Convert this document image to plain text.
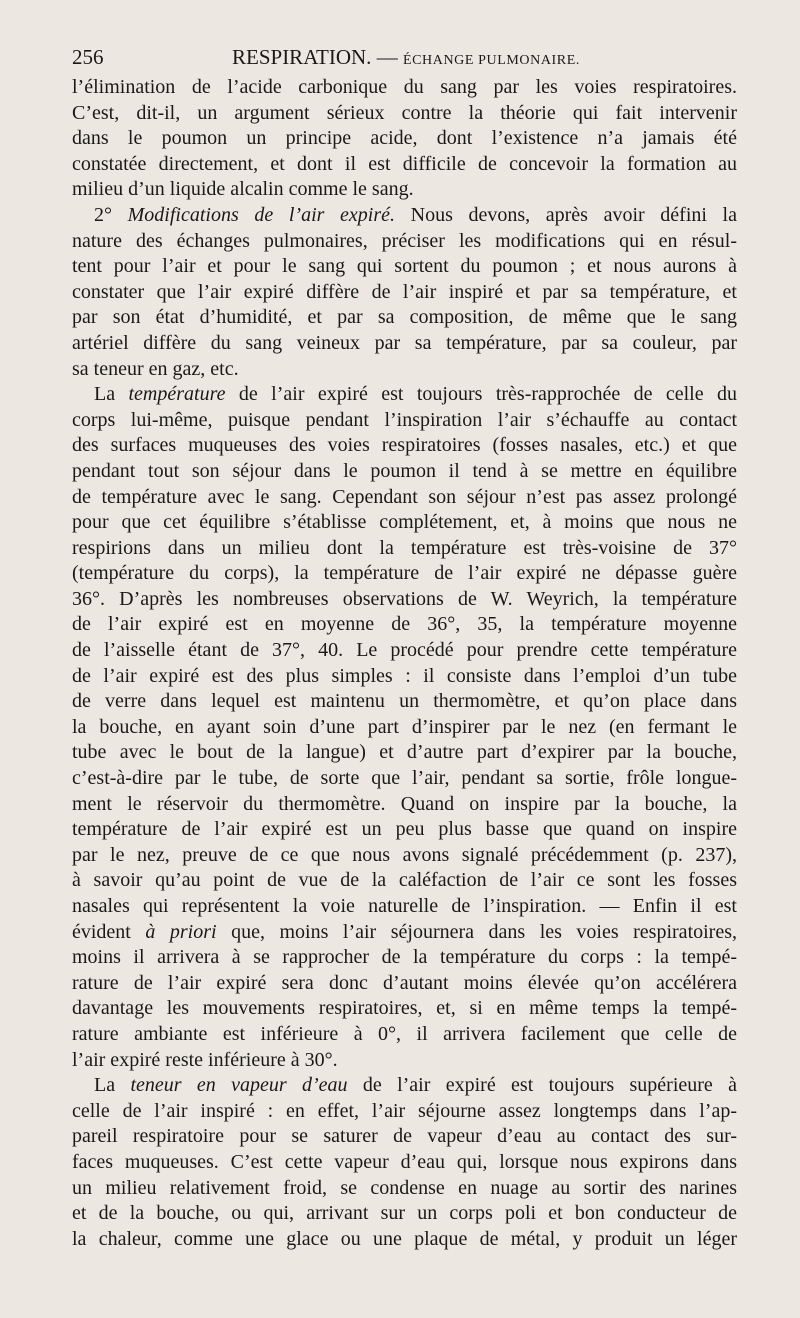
256	RESPIRATION. — ÉCHANGE PULMONAIRE.
l’élimination de l’acide carbonique du sang par les voies respiratoires.
C’est, dit-il, un argument sérieux contre la théorie qui fait intervenir
dans le poumon un principe acide, dont l’existence n’a jamais été
constatée directement, et dont il est difficile de concevoir la formation au
milieu d’un liquide alcalin comme le sang.
2° Modifications de l’air expiré. Nous devons, après avoir défini la
nature des échanges pulmonaires, préciser les modifications qui en résul-
tent pour l’air et pour le sang qui sortent du poumon ; et nous aurons à
constater que l’air expiré diffère de l’air inspiré et par sa température, et
par son état d’humidité, et par sa composition, de même que le sang
artériel diffère du sang veineux par sa température, par sa couleur, par
sa teneur en gaz, etc.
La température de l’air expiré est toujours très-rapprochée de celle du
corps lui-même, puisque pendant l’inspiration l’air s’échauffe au contact
des surfaces muqueuses des voies respiratoires (fosses nasales, etc.) et que
pendant tout son séjour dans le poumon il tend à se mettre en équilibre
de température avec le sang. Cependant son séjour n’est pas assez prolongé
pour que cet équilibre s’établisse complétement, et, à moins que nous ne
respirions dans un milieu dont la température est très-voisine de 37°
(température du corps), la température de l’air expiré ne dépasse guère
36°. D’après les nombreuses observations de W. Weyrich, la température
de l’air expiré est en moyenne de 36°, 35, la température moyenne
de l’aisselle étant de 37°, 40. Le procédé pour prendre cette température
de l’air expiré est des plus simples : il consiste dans l’emploi d’un tube
de verre dans lequel est maintenu un thermomètre, et qu’on place dans
la bouche, en ayant soin d’une part d’inspirer par le nez (en fermant le
tube avec le bout de la langue) et d’autre part d’expirer par la bouche,
c’est-à-dire par le tube, de sorte que l’air, pendant sa sortie, frôle longue-
ment le réservoir du thermomètre. Quand on inspire par la bouche, la
température de l’air expiré est un peu plus basse que quand on inspire
par le nez, preuve de ce que nous avons signalé précédemment (p. 237),
à savoir qu’au point de vue de la caléfaction de l’air ce sont les fosses
nasales qui représentent la voie naturelle de l’inspiration. — Enfin il est
évident à priori que, moins l’air séjournera dans les voies respiratoires,
moins il arrivera à se rapprocher de la température du corps : la tempé-
rature de l’air expiré sera donc d’autant moins élevée qu’on accélérera
davantage les mouvements respiratoires, et, si en même temps la tempé-
rature ambiante est inférieure à 0°, il arrivera facilement que celle de
l’air expiré reste inférieure à 30°.
La teneur en vapeur d’eau de l’air expiré est toujours supérieure à
celle de l’air inspiré : en effet, l’air séjourne assez longtemps dans l’ap-
pareil respiratoire pour se saturer de vapeur d’eau au contact des sur-
faces muqueuses. C’est cette vapeur d’eau qui, lorsque nous expirons dans
un milieu relativement froid, se condense en nuage au sortir des narines
et de la bouche, ou qui, arrivant sur un corps poli et bon conducteur de
la chaleur, comme une glace ou une plaque de métal, y produit un léger
